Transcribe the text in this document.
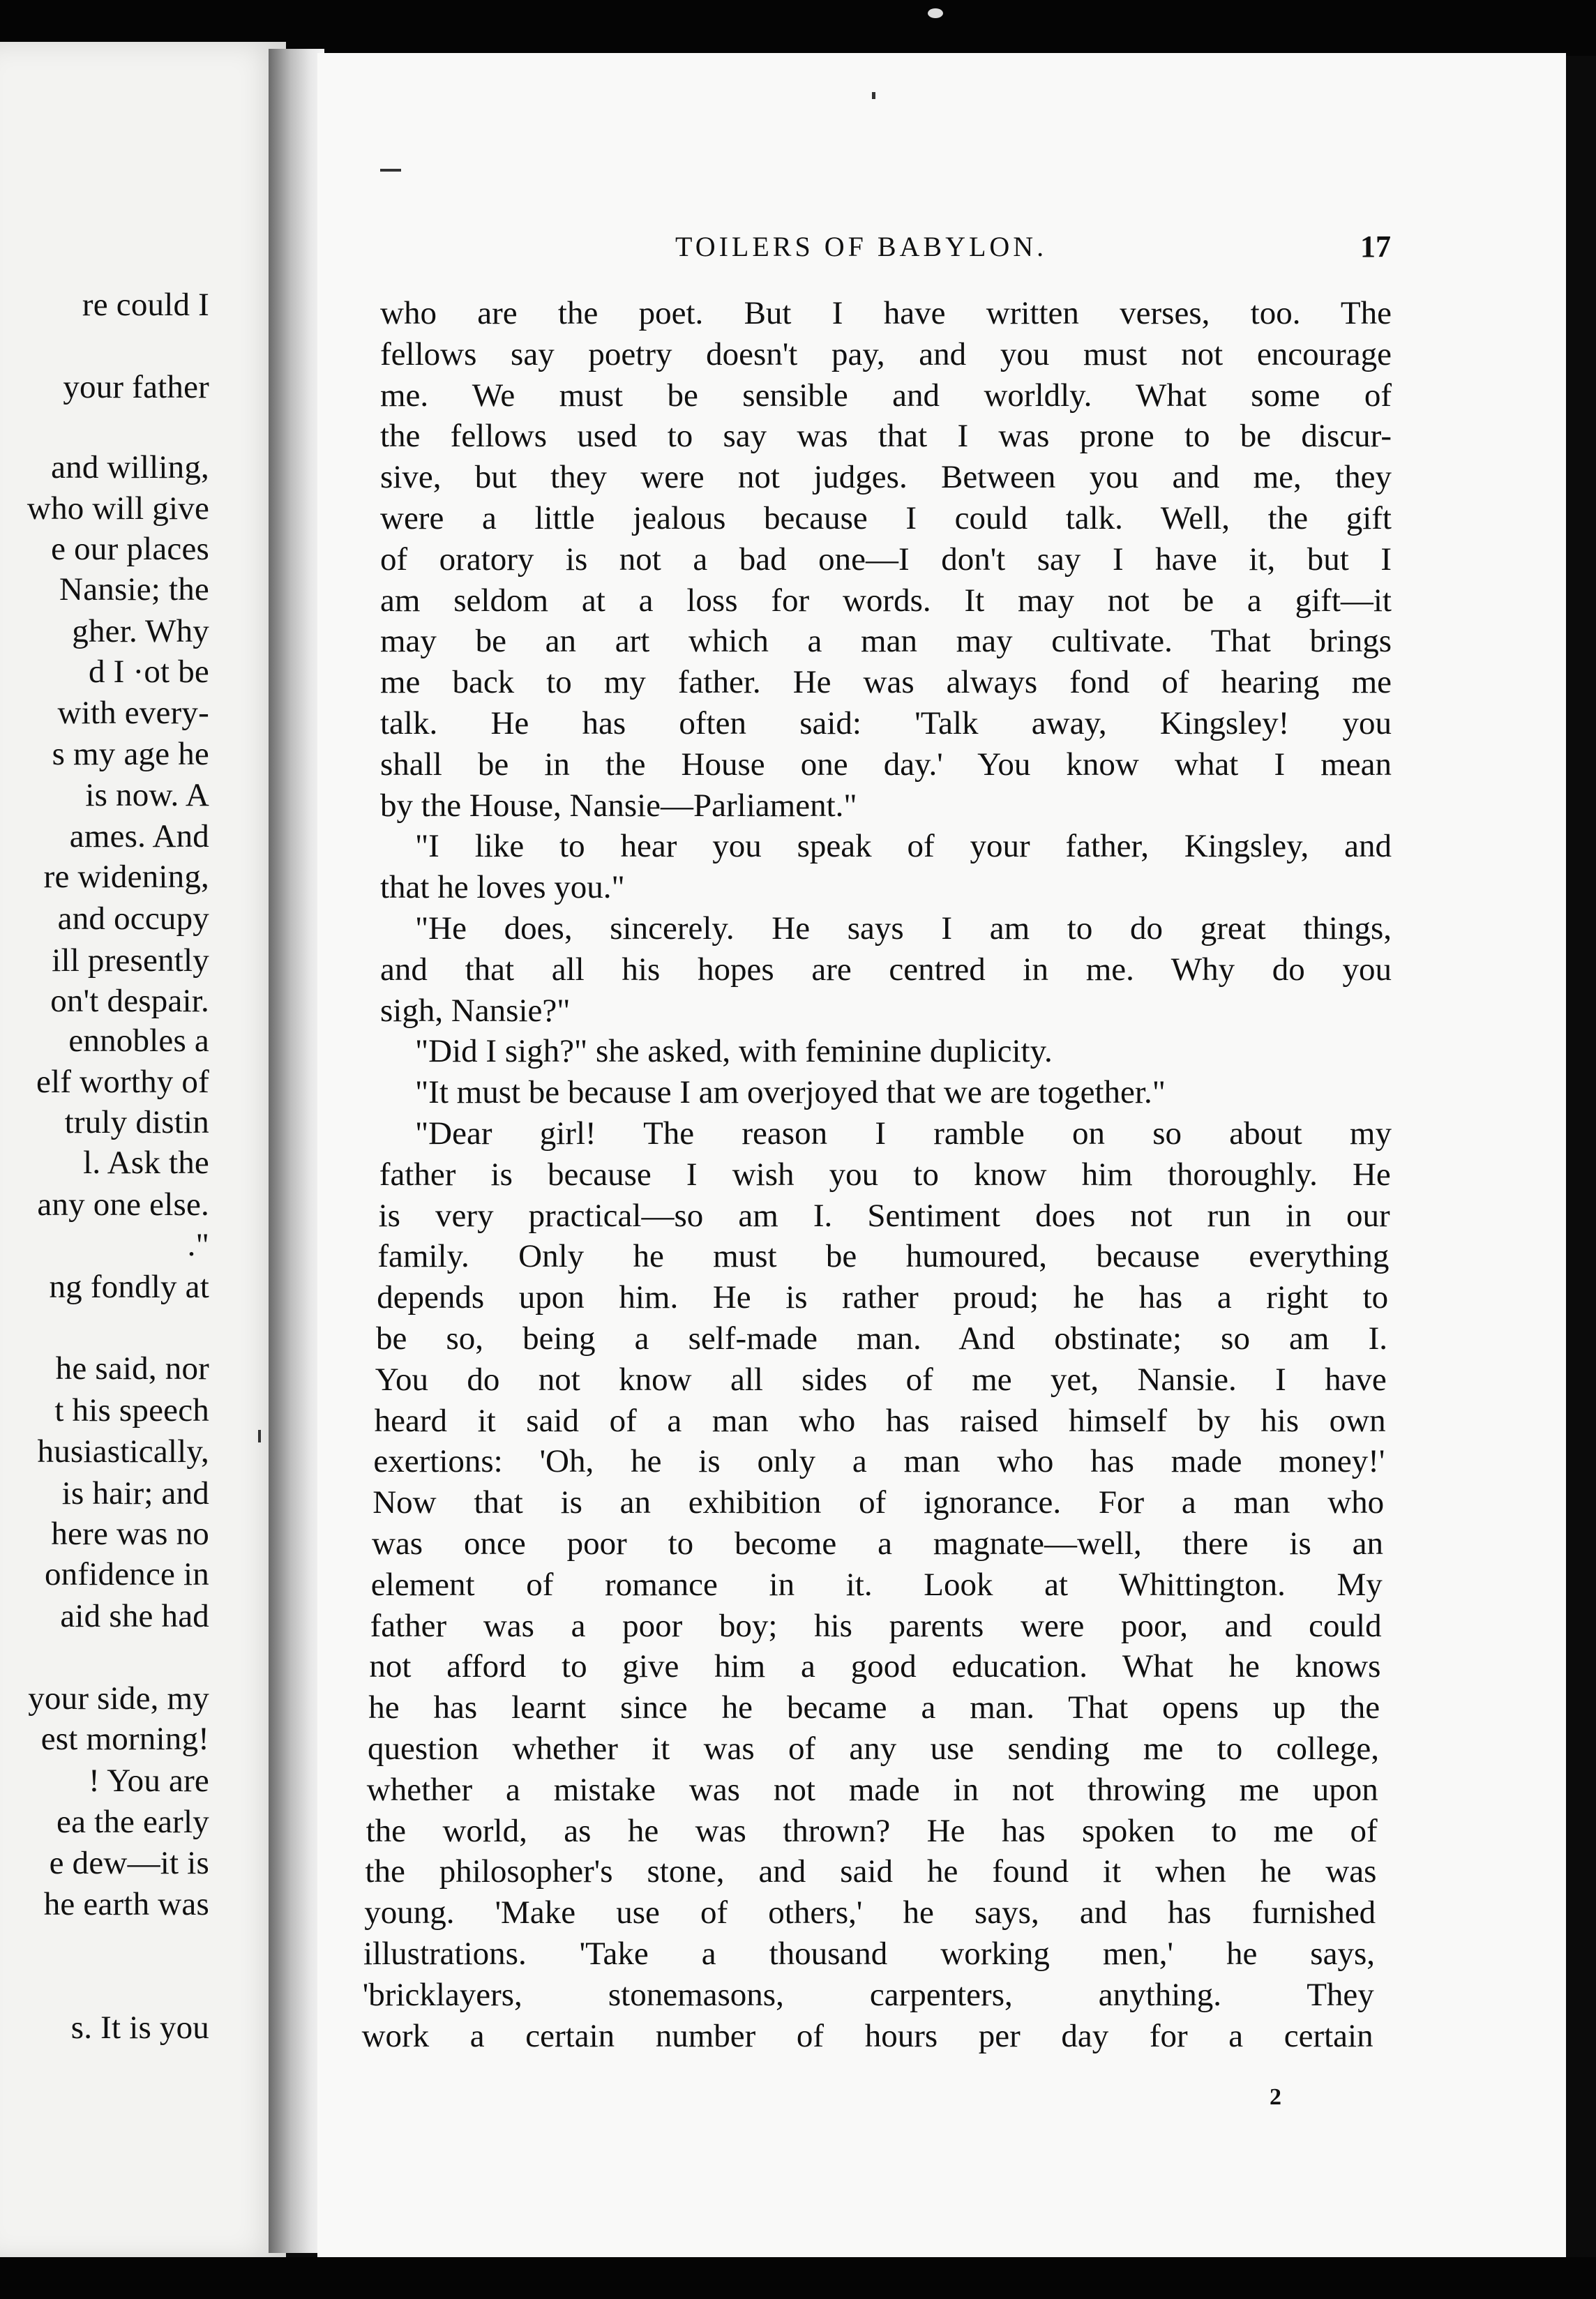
re could I
your father
and willing,
who will give
e our places
Nansie; the
gher. Why
d I ·ot be
with every-
s my age he
is now. A
ames. And
re widening,
and occupy
ill presently
on't despair.
ennobles a
elf worthy of
truly distin
l. Ask the
any one else.
."
ng fondly at
he said, nor
t his speech
husiastically,
is hair; and
here was no
onfidence in
aid she had
your side, my
est morning!
! You are
ea the early
e dew—it is
he earth was
s. It is you
TOILERS OF BABYLON.	17
2
who are the poet. But I have written verses, too. The
fellows say poetry doesn't pay, and you must not encourage
me. We must be sensible and worldly. What some of
the fellows used to say was that I was prone to be discur-
sive, but they were not judges. Between you and me, they
were a little jealous because I could talk. Well, the gift
of oratory is not a bad one—I don't say I have it, but I
am seldom at a loss for words. It may not be a gift—it
may be an art which a man may cultivate. That brings
me back to my father. He was always fond of hearing me
talk. He has often said: 'Talk away, Kingsley! you
shall be in the House one day.' You know what I mean
by the House, Nansie—Parliament."
"I like to hear you speak of your father, Kingsley, and
that he loves you."
"He does, sincerely. He says I am to do great things,
and that all his hopes are centred in me. Why do you
sigh, Nansie?"
"Did I sigh?" she asked, with feminine duplicity.
"It must be because I am overjoyed that we are together."
"Dear girl! The reason I ramble on so about my
father is because I wish you to know him thoroughly. He
is very practical—so am I. Sentiment does not run in our
family. Only he must be humoured, because everything
depends upon him. He is rather proud; he has a right to
be so, being a self-made man. And obstinate; so am I.
You do not know all sides of me yet, Nansie. I have
heard it said of a man who has raised himself by his own
exertions: 'Oh, he is only a man who has made money!'
Now that is an exhibition of ignorance. For a man who
was once poor to become a magnate—well, there is an
element of romance in it. Look at Whittington. My
father was a poor boy; his parents were poor, and could
not afford to give him a good education. What he knows
he has learnt since he became a man. That opens up the
question whether it was of any use sending me to college,
whether a mistake was not made in not throwing me upon
the world, as he was thrown? He has spoken to me of
the philosopher's stone, and said he found it when he was
young. 'Make use of others,' he says, and has furnished
illustrations. 'Take a thousand working men,' he says,
'bricklayers, stonemasons, carpenters, anything. They
work a certain number of hours per day for a certain
